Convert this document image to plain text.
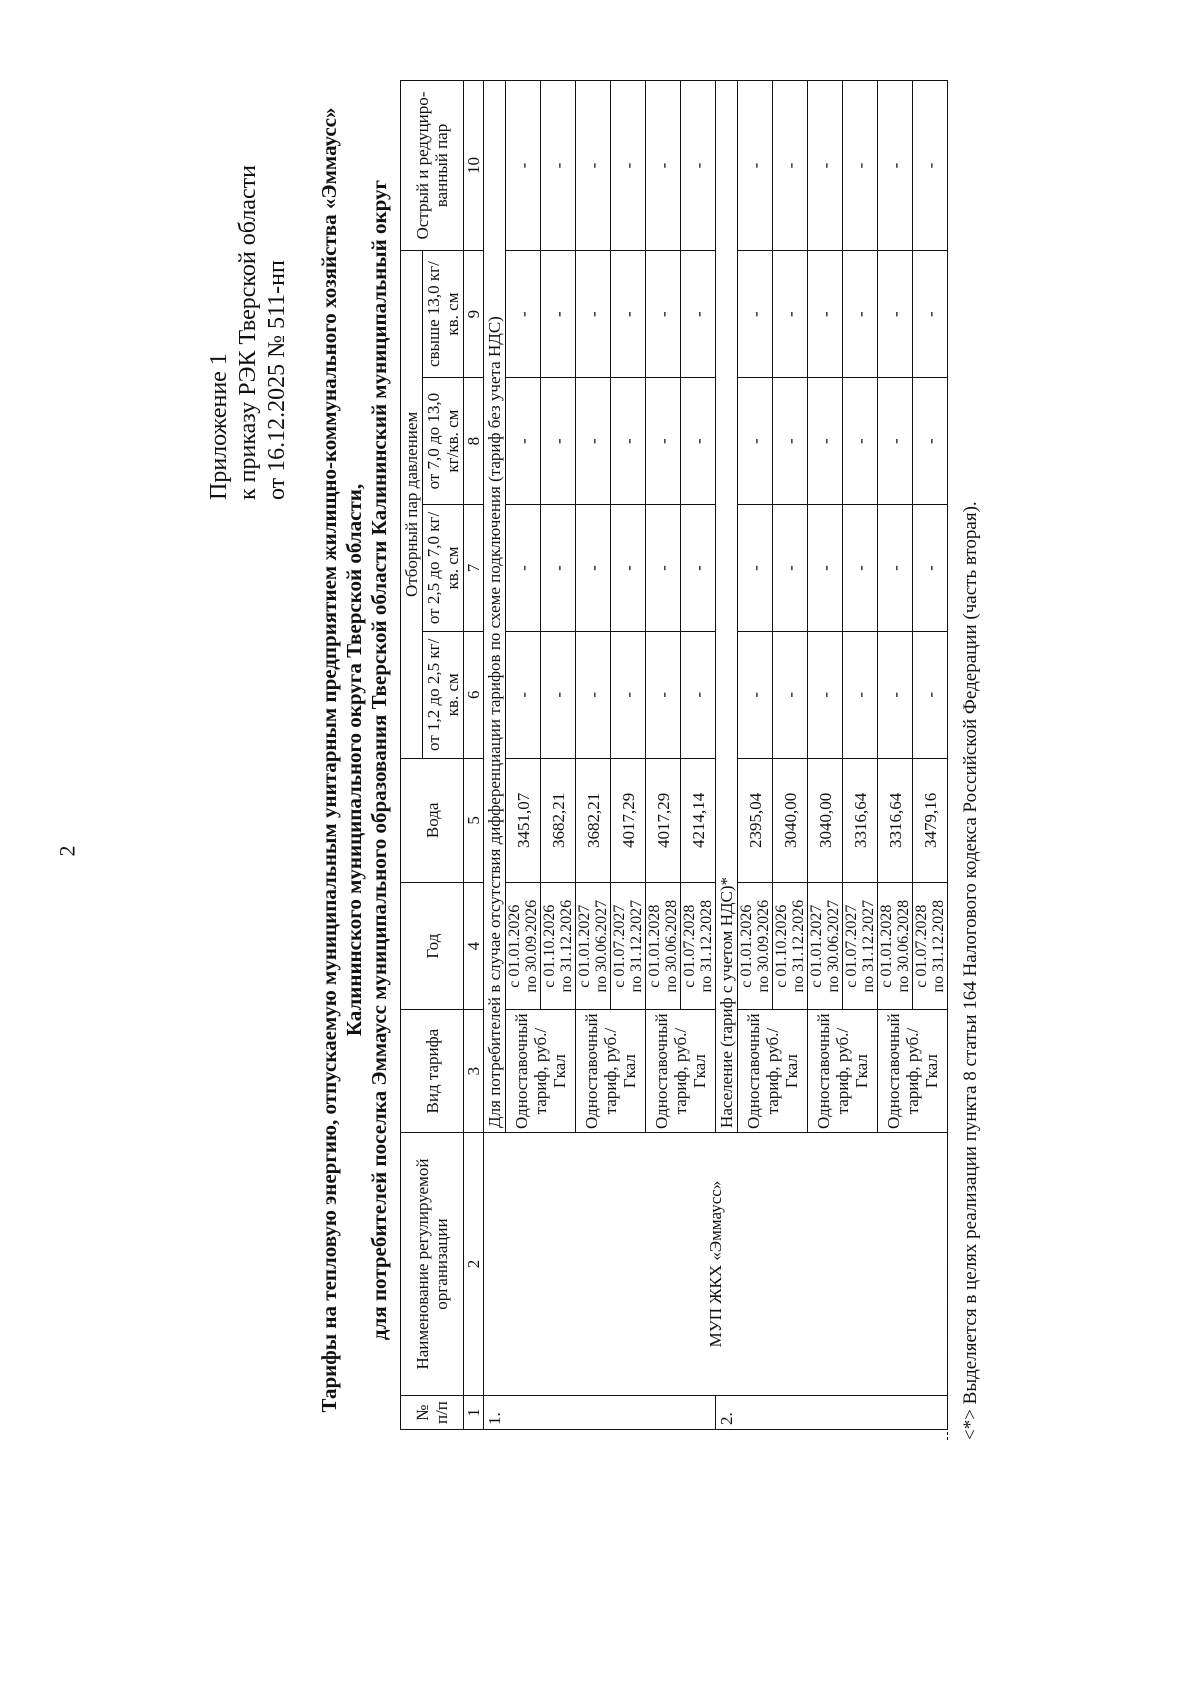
2
Приложение 1 к приказу РЭК Тверской области от 16.12.2025 № 511-нп Тарифы на тепловую энергию, отпускаемую муниципальным унитарным предприятием жилищно-коммунального хозяйства «Эммаусс» Калининского муниципального округа Тверской области, для потребителей поселка Эммаусс муниципального образования Тверской области Калининский муниципальный округ
№ п/п	Наименование регулируемой организации	Вид тарифа	Год	Вода	Отборный пар давлением				Острый и редуциро-ванный пар
					от 1,2 до 2,5 кг/кв. см	от 2,5 до 7,0 кг/кв. см	от 7,0 до 13,0 кг/кв. см	свыше 13,0 кг/кв. см	
1	2	3	4	5	6	7	8	9	10
1.	МУП ЖКХ «Эммаусс»	Для потребителей в случае отсутствия дифференциации тарифов по схеме подключения (тариф без учета НДС)							
		Одноставочный тариф, руб./Гкал	с 01.01.2026 по 30.09.2026	3451,07	-	-	-	-	-

			с 01.10.2026 по 31.12.2026	3682,21	-	-	-	-	-
		Одноставочный тариф, руб./Гкал	с 01.01.2027 по 30.06.2027	3682,21	-	-	-	-	-

			с 01.07.2027 по 31.12.2027	4017,29	-	-	-	-	-
		Одноставочный тариф, руб./Гкал	с 01.01.2028 по 30.06.2028	4017,29	-	-	-	-	-

			с 01.07.2028 по 31.12.2028	4214,14	-	-	-	-	-
2.		Население (тариф с учетом НДС)*							
		Одноставочный тариф, руб./Гкал	с 01.01.2026 по 30.09.2026	2395,04	-	-	-	-	-

			с 01.10.2026 по 31.12.2026	3040,00	-	-	-	-	-
		Одноставочный тариф, руб./Гкал	с 01.01.2027 по 30.06.2027	3040,00	-	-	-	-	-

			с 01.07.2027 по 31.12.2027	3316,64	-	-	-	-	-
		Одноставочный тариф, руб./Гкал	с 01.01.2028 по 30.06.2028	3316,64	-	-	-	-	-

			с 01.07.2028 по 31.12.2028	3479,16	-	-	-	-	-
<*> Выделяется в целях реализации пункта 8 статьи 164 Налогового кодекса Российской Федерации (часть вторая).
